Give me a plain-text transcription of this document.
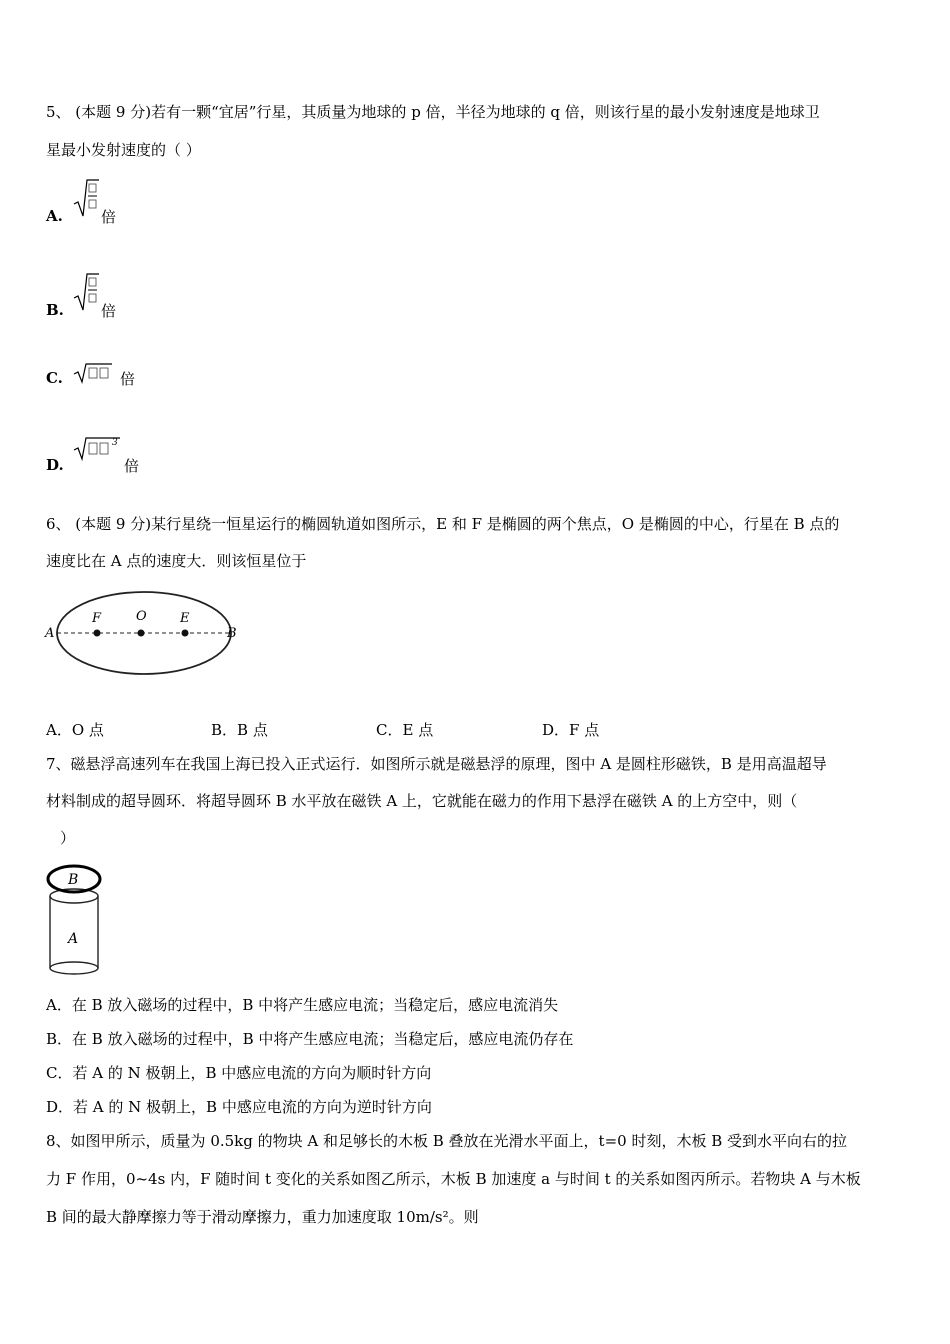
5、 (本题 9 分)若有一颗“宜居”行星，其质量为地球的 p 倍，半径为地球的 q 倍，则该行星的最小发射速度是地球卫
星最小发射速度的（ ）
A.	倍
B. 倍
C.	倍
D.
3
倍
6、 (本题 9 分)某行星绕一恒星运行的椭圆轨道如图所示，E 和 F 是椭圆的两个焦点，O 是椭圆的中心，行星在 B 点的
速度比在 A 点的速度大．则该恒星位于
A	B
F	O	E
A．O 点	B．B 点	C．E 点	D．F 点
7、磁悬浮高速列车在我国上海已投入正式运行．如图所示就是磁悬浮的原理，图中 A 是圆柱形磁铁，B 是用高温超导
材料制成的超导圆环．将超导圆环 B 水平放在磁铁 A 上，它就能在磁力的作用下悬浮在磁铁 A 的上方空中，则（
）
B
A
A．在 B 放入磁场的过程中，B 中将产生感应电流；当稳定后，感应电流消失
B．在 B 放入磁场的过程中，B 中将产生感应电流；当稳定后，感应电流仍存在
C．若 A 的 N 极朝上，B 中感应电流的方向为顺时针方向
D．若 A 的 N 极朝上，B 中感应电流的方向为逆时针方向
8、如图甲所示，质量为 0.5kg 的物块 A 和足够长的木板 B 叠放在光滑水平面上，t=0 时刻，木板 B 受到水平向右的拉
力 F 作用，0~4s 内，F 随时间 t 变化的关系如图乙所示，木板 B 加速度 a 与时间 t 的关系如图丙所示。若物块 A 与木板
B 间的最大静摩擦力等于滑动摩擦力，重力加速度取 10m/s²。则
